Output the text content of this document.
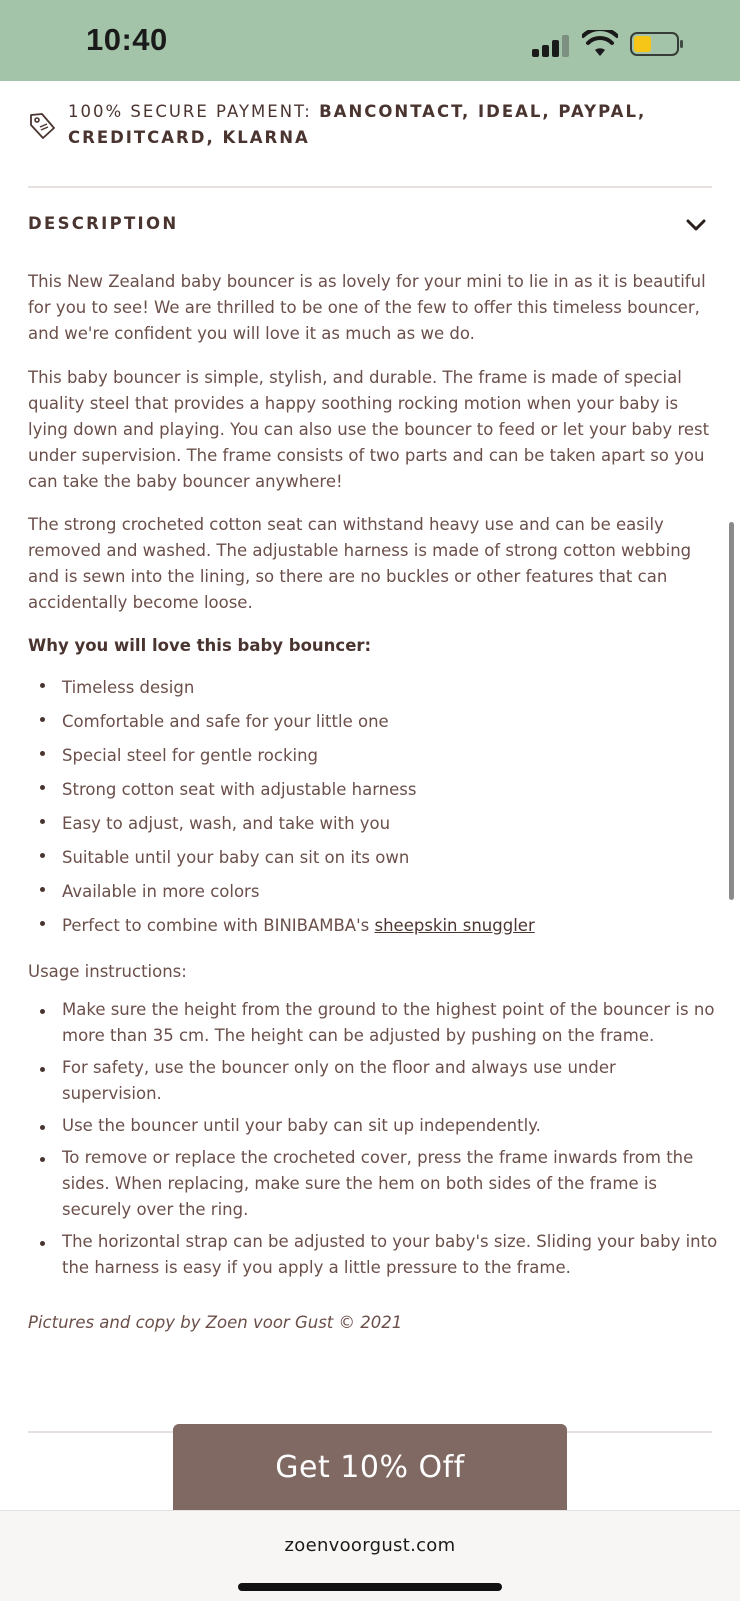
10:40
100% SECURE PAYMENT: BANCONTACT, IDEAL, PAYPAL, CREDITCARD, KLARNA
DESCRIPTION

This New Zealand baby bouncer is as lovely for your mini to lie in as it is beautiful for you to see! We are thrilled to be one of the few to offer this timeless bouncer, and we're confident you will love it as much as we do.

This baby bouncer is simple, stylish, and durable. The frame is made of special quality steel that provides a happy soothing rocking motion when your baby is lying down and playing. You can also use the bouncer to feed or let your baby rest under supervision. The frame consists of two parts and can be taken apart so you can take the baby bouncer anywhere!

The strong crocheted cotton seat can withstand heavy use and can be easily removed and washed. The adjustable harness is made of strong cotton webbing and is sewn into the lining, so there are no buckles or other features that can accidentally become loose.

Why you will love this baby bouncer:
Timeless design
Comfortable and safe for your little one
Special steel for gentle rocking
Strong cotton seat with adjustable harness
Easy to adjust, wash, and take with you
Suitable until your baby can sit on its own
Available in more colors
Perfect to combine with BINIBAMBA's sheepskin snuggler
Usage instructions:
Make sure the height from the ground to the highest point of the bouncer is no more than 35 cm. The height can be adjusted by pushing on the frame.
For safety, use the bouncer only on the floor and always use under supervision.
Use the bouncer until your baby can sit up independently.
To remove or replace the crocheted cover, press the frame inwards from the sides. When replacing, make sure the hem on both sides of the frame is securely over the ring.
The horizontal strap can be adjusted to your baby's size. Sliding your baby into the harness is easy if you apply a little pressure to the frame.
Pictures and copy by Zoen voor Gust © 2021
Get 10% Off
zoenvoorgust.com
